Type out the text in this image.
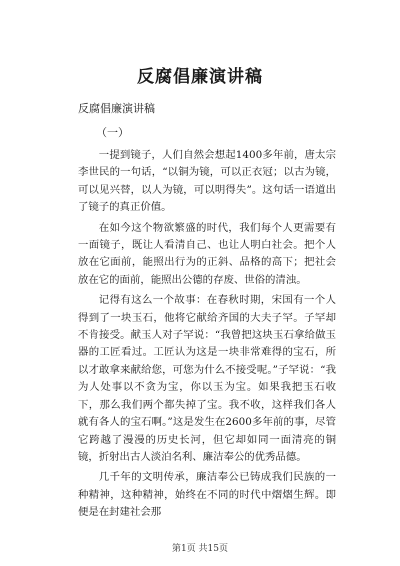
反腐倡廉演讲稿
反腐倡廉演讲稿
（一）

一提到镜子，人们自然会想起1400多年前，唐太宗李世民的一句话，“以铜为镜，可以正衣冠；以古为镜，可以见兴替，以人为镜，可以明得失”。这句话一语道出了镜子的真正价值。

在如今这个物欲繁盛的时代，我们每个人更需要有一面镜子，既让人看清自己、也让人明白社会。把个人放在它面前，能照出行为的正斜、品格的高下；把社会放在它的面前，能照出公德的存废、世俗的清浊。

记得有这么一个故事：在春秋时期，宋国有一个人得到了一块玉石，他将它献给齐国的大夫子罕。子罕却不肯接受。献玉人对子罕说：“我曾把这块玉石拿给做玉器的工匠看过。工匠认为这是一块非常难得的宝石，所以才敢拿来献给您，可您为什么不接受呢。”子罕说：“我为人处事以不贪为宝，你以玉为宝。如果我把玉石收下，那么我们两个都失掉了宝。我不收，这样我们各人就有各人的宝石啊。”这是发生在2600多年前的事，尽管它跨越了漫漫的历史长河，但它却如同一面清亮的铜镜，折射出古人淡泊名利、廉洁奉公的优秀品德。

几千年的文明传承，廉洁奉公已铸成我们民族的一种精神，这种精神，始终在不同的时代中熠熠生辉。即便是在封建社会那

第1页 共15页
